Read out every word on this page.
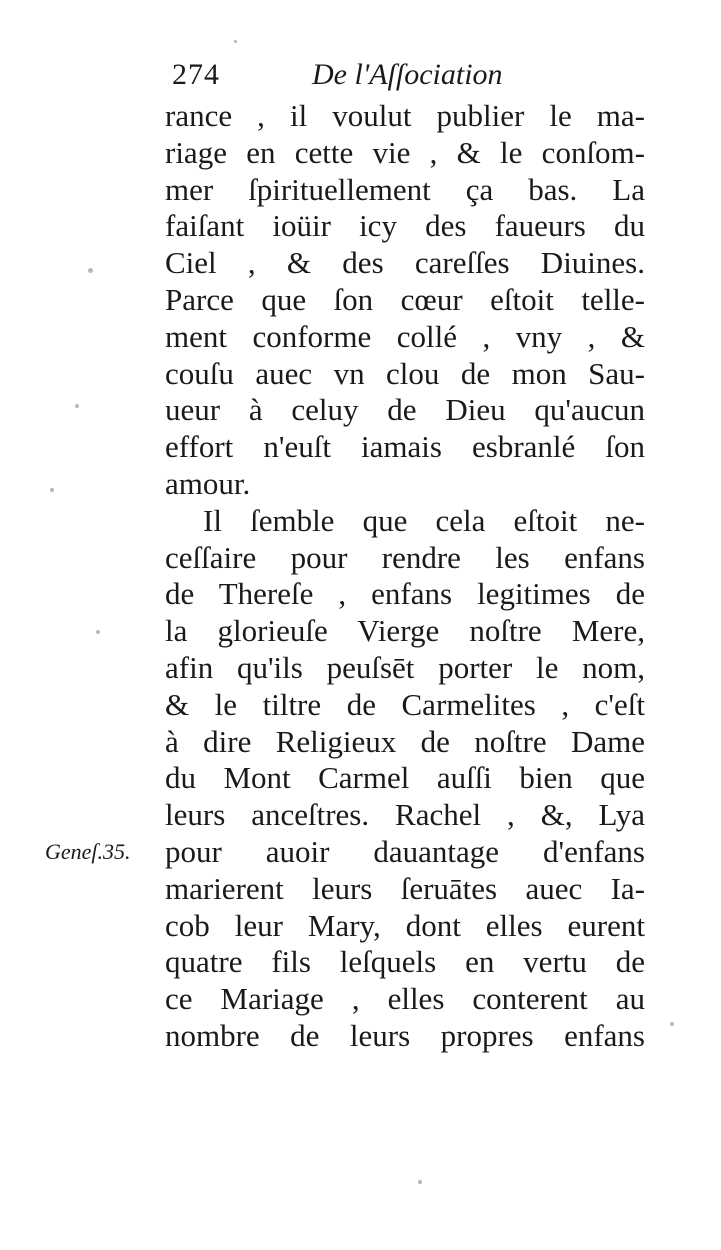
274	De l'Aſſociation
rance , il voulut publier le ma-
riage en cette vie , & le conſom-
mer ſpirituellement ça bas. La
faiſant ioüir icy des faueurs du
Ciel , & des careſſes Diuines.
Parce que ſon cœur eſtoit telle-
ment conforme collé , vny , &
couſu auec vn clou de mon Sau-
ueur à celuy de Dieu qu'aucun
effort n'euſt iamais esbranlé ſon
amour.
Il ſemble que cela eſtoit ne-
ceſſaire pour rendre les enfans
de Thereſe , enfans legitimes de
la glorieuſe Vierge noſtre Mere,
afin qu'ils peuſsēt porter le nom,
& le tiltre de Carmelites , c'eſt
à dire Religieux de noſtre Dame
du Mont Carmel auſſi bien que
leurs anceſtres. Rachel , &, Lya
pour auoir dauantage d'enfans
marierent leurs ſeruātes auec Ia-
cob leur Mary, dont elles eurent
quatre fils leſquels en vertu de
ce Mariage , elles conterent au
nombre de leurs propres enfans
Geneſ.35.
